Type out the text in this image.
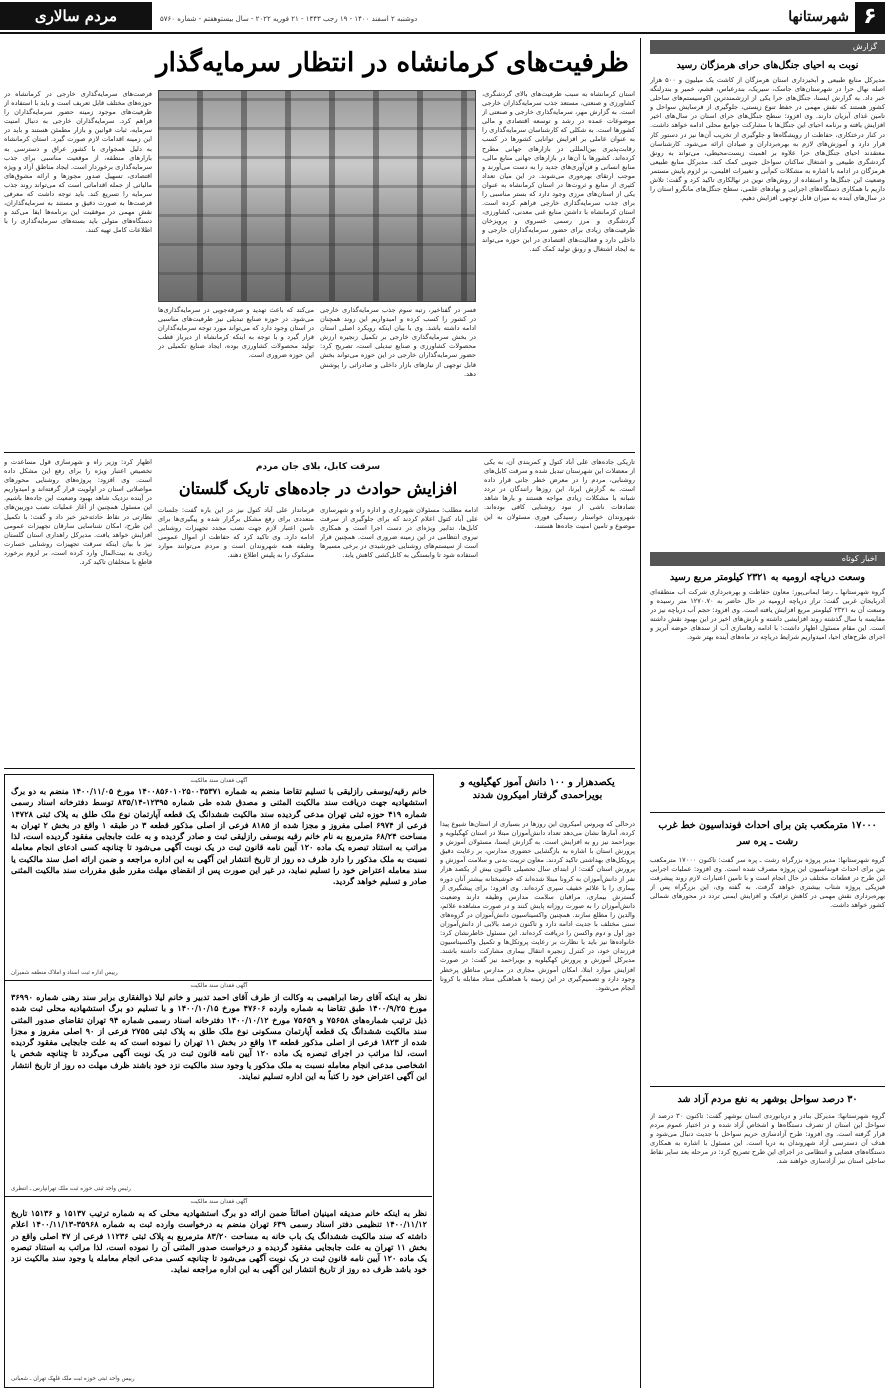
۶
شهرستانها
دوشنبه ۲ اسفند ۱۴۰۰ - ۱۹ رجب ۱۴۴۳ - ۲۱ فوریه ۲۰۲۲ - سال بیستوهفتم - شماره ۵۷۶۰
مردم سالاری
گزارش
نوبت به احیای جنگل‌های حرای هرمزگان رسید
مدیرکل منابع طبیعی و آبخیزداری استان هرمزگان از کاشت یک میلیون و ۵۰۰ هزار اصله نهال حرا در شهرستان‌های جاسک، سیریک، بندرعباس، قشم، خمیر و بندرلنگه خبر داد. به گزارش ایسنا، جنگل‌های حرا یکی از ارزشمندترین اکوسیستم‌های ساحلی کشور هستند که نقش مهمی در حفظ تنوع زیستی، جلوگیری از فرسایش سواحل و تامین غذای آبزیان دارند. وی افزود: سطح جنگل‌های حرای استان در سال‌های اخیر افزایش یافته و برنامه احیای این جنگل‌ها با مشارکت جوامع محلی ادامه خواهد داشت. در کنار درختکاری، حفاظت از رویشگاه‌ها و جلوگیری از تخریب آن‌ها نیز در دستور کار قرار دارد و آموزش‌های لازم به بهره‌برداران و صیادان ارائه می‌شود. کارشناسان معتقدند احیای جنگل‌های حرا علاوه بر اهمیت زیست‌محیطی، می‌تواند به رونق گردشگری طبیعی و اشتغال ساکنان سواحل جنوبی کمک کند. مدیرکل منابع طبیعی هرمزگان در ادامه با اشاره به مشکلات کم‌آبی و تغییرات اقلیمی، بر لزوم پایش مستمر وضعیت این جنگل‌ها و استفاده از روش‌های نوین در نهالکاری تاکید کرد و گفت: تلاش داریم با همکاری دستگاه‌های اجرایی و نهادهای علمی، سطح جنگل‌های مانگرو استان را در سال‌های آینده به میزان قابل توجهی افزایش دهیم.
اخبار کوتاه
وسعت دریاچه ارومیه به ۲۳۲۱ کیلومتر مربع رسید
گروه شهرستانها ـ رضا ایمانی‌پور: معاون حفاظت و بهره‌برداری شرکت آب منطقه‌ای آذربایجان غربی گفت: تراز دریاچه ارومیه در حال حاضر به ۱۲۷۰.۷۰ متر رسیده و وسعت آن به ۲۳۲۱ کیلومتر مربع افزایش یافته است. وی افزود: حجم آب دریاچه نیز در مقایسه با سال گذشته روند افزایشی داشته و بارش‌های اخیر در این بهبود نقش داشته است. این مقام مسئول اظهار داشت: با ادامه رهاسازی آب از سدهای حوضه آبریز و اجرای طرح‌های احیا، امیدواریم شرایط دریاچه در ماه‌های آینده بهتر شود.
۱۷۰۰۰ مترمکعب بتن برای احداث فونداسیون خط غرب رشت ـ پره سر
گروه شهرستانها: مدیر پروژه بزرگراه رشت ـ پره سر گفت: تاکنون ۱۷۰۰۰ مترمکعب بتن برای احداث فونداسیون این پروژه مصرف شده است. وی افزود: عملیات اجرایی این طرح در قطعات مختلف در حال انجام است و با تامین اعتبارات لازم روند پیشرفت فیزیکی پروژه شتاب بیشتری خواهد گرفت. به گفته وی، این بزرگراه پس از بهره‌برداری نقش مهمی در کاهش ترافیک و افزایش ایمنی تردد در محورهای شمالی کشور خواهد داشت.
۳۰ درصد سواحل بوشهر به نفع مردم آزاد شد
گروه شهرستانها: مدیرکل بنادر و دریانوردی استان بوشهر گفت: تاکنون ۳۰ درصد از سواحل این استان از تصرف دستگاه‌ها و اشخاص آزاد شده و در اختیار عموم مردم قرار گرفته است. وی افزود: طرح آزادسازی حریم سواحل با جدیت دنبال می‌شود و هدف آن دسترسی آزاد شهروندان به دریا است. این مسئول با اشاره به همکاری دستگاه‌های قضایی و انتظامی در اجرای این طرح تصریح کرد: در مرحله بعد سایر نقاط ساحلی استان نیز آزادسازی خواهند شد.
ظرفیت‌های کرمانشاه در انتظار سرمایه‌گذار
استان کرمانشاه به سبب ظرفیت‌های بالای گردشگری، کشاورزی و صنعتی، مستعد جذب سرمایه‌گذاران خارجی است. به گزارش مهر، سرمایه‌گذاری خارجی و صنعتی از موضوعات عمده در رشد و توسعه اقتصادی و مالی کشورها است. به شکلی که کارشناسان سرمایه‌گذاری را به عنوان عاملی بر افزایش توانایی کشورها در کسب رقابت‌پذیری بین‌المللی در بازارهای جهانی مطرح کرده‌اند. کشورها با آن‌ها در بازارهای جهانی منابع مالی، منابع انسانی و فن‌آوری‌های جدید را به دست می‌آورند و موجب ارتقای بهره‌وری می‌شوند. در این میان تعداد کثیری از منابع و ثروت‌ها در استان کرمانشاه به عنوان یکی از استان‌های مرزی وجود دارد که بستر مناسبی را برای جذب سرمایه‌گذاری خارجی فراهم کرده است. استان کرمانشاه با داشتن منابع غنی معدنی، کشاورزی، گردشگری و مرز رسمی خسروی و پرویزخان ظرفیت‌های زیادی برای حضور سرمایه‌گذاران خارجی و داخلی دارد و فعالیت‌های اقتصادی در این حوزه می‌تواند به ایجاد اشتغال و رونق تولید کمک کند.
فسر در گفتاخیر، رتبه سوم جذب سرمایه‌گذاری خارجی در کشور را کسب کرده و امیدواریم این روند همچنان ادامه داشته باشد. وی با بیان اینکه رویکرد اصلی استان در بخش سرمایه‌گذاری خارجی بر تکمیل زنجیره ارزش محصولات کشاورزی و صنایع تبدیلی است، تصریح کرد: حضور سرمایه‌گذاران خارجی در این حوزه می‌تواند بخش قابل توجهی از نیازهای بازار داخلی و صادراتی را پوشش دهد.
می‌کند که باعث تهدید و صرفه‌جویی در سرمایه‌گذاری‌ها می‌شود. در حوزه صنایع تبدیلی نیز ظرفیت‌های مناسبی در استان وجود دارد که می‌تواند مورد توجه سرمایه‌گذاران قرار گیرد و با توجه به اینکه کرمانشاه از دیرباز قطب تولید محصولات کشاورزی بوده، ایجاد صنایع تکمیلی در این حوزه ضروری است.
فرصت‌های سرمایه‌گذاری خارجی در کرمانشاه در حوزه‌های مختلف قابل تعریف است و باید با استفاده از ظرفیت‌های موجود زمینه حضور سرمایه‌گذاران را فراهم کرد. سرمایه‌گذاران خارجی به دنبال امنیت سرمایه، ثبات قوانین و بازار مطمئن هستند و باید در این زمینه اقدامات لازم صورت گیرد. استان کرمانشاه به دلیل همجواری با کشور عراق و دسترسی به بازارهای منطقه، از موقعیت مناسبی برای جذب سرمایه‌گذاری برخوردار است. ایجاد مناطق آزاد و ویژه اقتصادی، تسهیل صدور مجوزها و ارائه مشوق‌های مالیاتی از جمله اقداماتی است که می‌تواند روند جذب سرمایه را تسریع کند. باید توجه داشت که معرفی فرصت‌ها به صورت دقیق و مستند به سرمایه‌گذاران، نقش مهمی در موفقیت این برنامه‌ها ایفا می‌کند و دستگاه‌های متولی باید بسته‌های سرمایه‌گذاری را با اطلاعات کامل تهیه کنند.
تاریکی جاده‌های علی آباد کتول و کمربندی آن، به یکی از معضلات این شهرستان تبدیل شده و سرقت کابل‌های روشنایی، مردم را در معرض خطر جانی قرار داده است. به گزارش ایرنا، این روزها رانندگان در تردد شبانه با مشکلات زیادی مواجه هستند و بارها شاهد تصادفات ناشی از نبود روشنایی کافی بوده‌اند. شهروندان خواستار رسیدگی فوری مسئولان به این موضوع و تامین امنیت جاده‌ها هستند.
سرقت کابل، بلای جان مردم
افزایش حوادث در جاده‌های تاریک گلستان
ادامه مطلب: مسئولان شهرداری و اداره راه و شهرسازی علی آباد کتول اعلام کردند که برای جلوگیری از سرقت کابل‌ها، تدابیر ویژه‌ای در دست اجرا است و همکاری نیروی انتظامی در این زمینه ضروری است. همچنین قرار است از سیستم‌های روشنایی خورشیدی در برخی مسیرها استفاده شود تا وابستگی به کابل‌کشی کاهش یابد.
فرماندار علی آباد کتول نیز در این باره گفت: جلسات متعددی برای رفع مشکل برگزار شده و پیگیری‌ها برای تامین اعتبار لازم جهت نصب مجدد تجهیزات روشنایی ادامه دارد. وی تاکید کرد که حفاظت از اموال عمومی وظیفه همه شهروندان است و مردم می‌توانند موارد مشکوک را به پلیس اطلاع دهند.
اظهار کرد: وزیر راه و شهرسازی قول مساعدت و تخصیص اعتبار ویژه را برای رفع این مشکل داده است. وی افزود: پروژه‌های روشنایی محورهای مواصلاتی استان در اولویت قرار گرفته‌اند و امیدواریم در آینده نزدیک شاهد بهبود وضعیت این جاده‌ها باشیم. این مسئول همچنین از آغاز عملیات نصب دوربین‌های نظارتی در نقاط حادثه‌خیز خبر داد و گفت: با تکمیل این طرح، امکان شناسایی سارقان تجهیزات عمومی افزایش خواهد یافت. مدیرکل راهداری استان گلستان نیز با بیان اینکه سرقت تجهیزات روشنایی خسارت زیادی به بیت‌المال وارد کرده است، بر لزوم برخورد قاطع با متخلفان تاکید کرد.
یکصدهزار و ۱۰۰ دانش آموز کهگیلویه و بویراحمدی گرفتار امیکرون شدند
درحالی که ویروس امیکرون این روزها در بسیاری از استان‌ها شیوع پیدا کرده، آمارها نشان می‌دهد تعداد دانش‌آموزان مبتلا در استان کهگیلویه و بویراحمد نیز رو به افزایش است. به گزارش ایسنا، مسئولان آموزش و پرورش استان با اشاره به بازگشایی حضوری مدارس، بر رعایت دقیق پروتکل‌های بهداشتی تاکید کردند. معاون تربیت بدنی و سلامت آموزش و پرورش استان گفت: از ابتدای سال تحصیلی تاکنون بیش از یکصد هزار نفر از دانش‌آموزان به کرونا مبتلا شده‌اند که خوشبختانه بیشتر آنان دوره بیماری را با علائم خفیف سپری کرده‌اند. وی افزود: برای پیشگیری از گسترش بیماری، مراقبان سلامت مدارس وظیفه دارند وضعیت دانش‌آموزان را به صورت روزانه پایش کنند و در صورت مشاهده علائم، والدین را مطلع سازند. همچنین واکسیناسیون دانش‌آموزان در گروه‌های سنی مختلف با جدیت ادامه دارد و تاکنون درصد بالایی از دانش‌آموزان دوز اول و دوم واکسن را دریافت کرده‌اند. این مسئول خاطرنشان کرد: خانواده‌ها نیز باید با نظارت بر رعایت پروتکل‌ها و تکمیل واکسیناسیون فرزندان خود، در کنترل زنجیره انتقال بیماری مشارکت داشته باشند. مدیرکل آموزش و پرورش کهگیلویه و بویراحمد نیز گفت: در صورت افزایش موارد ابتلا، امکان آموزش مجازی در مدارس مناطق پرخطر وجود دارد و تصمیم‌گیری در این زمینه با هماهنگی ستاد مقابله با کرونا انجام می‌شود.
آگهی فقدان سند مالکیت
خانم رقیه/یوسفی رازلیقی با تسلیم تقاضا منضم به شماره ۱۴۰۰۸۵۶۰۱۰۲۵۰۰۳۵۳۷۱ مورخ ۱۴۰۰/۱۱/۰۵ منضم به دو برگ استشهادیه جهت دریافت سند مالکیت المثنی و مصدق شده طی شماره ۱۲۳۹۵-۸۳۵/۱۴ توسط دفترخانه اسناد رسمی شماره ۴۱۹ حوزه ثبتی تهران مدعی گردیده سند مالکیت ششدانگ یک قطعه آپارتمان نوع ملک طلق به پلاک ثبتی ۱۴۷۲۸ فرعی از ۶۹۷۴ اصلی مفروز و مجزا شده از ۸۱۸۵ فرعی از اصلی مذکور قطعه ۳ در طبقه ۱ واقع در بخش ۲ تهران به مساحت ۶۸/۲۴ مترمربع به نام خانم رقیه یوسفی رازلیقی ثبت و صادر گردیده و به علت جابجایی مفقود گردیده است، لذا مراتب به استناد تبصره یک ماده ۱۲۰ آیین نامه قانون ثبت در یک نوبت آگهی می‌شود تا چنانچه کسی ادعای انجام معامله نسبت به ملک مذکور را دارد ظرف ده روز از تاریخ انتشار این آگهی به این اداره مراجعه و ضمن ارائه اصل سند مالکیت یا سند معامله اعتراض خود را تسلیم نماید، در غیر این صورت پس از انقضای مهلت مقرر طبق مقررات سند مالکیت المثنی صادر و تسلیم خواهد گردید.
رییس اداره ثبت اسناد و املاک منطقه شمیران
آگهی فقدان سند مالکیت
نظر به اینکه آقای رضا ابراهیمی به وکالت از طرف آقای احمد تدبیر و خانم لیلا ذوالفقاری برابر سند رهنی شماره ۳۶۹۹۰ مورخ ۱۴۰۰/۹/۲۵ طبق تقاضا به شماره وارده ۴۷۶۰۶ مورخ ۱۴۰۰/۱۰/۱۵ و با تسلیم دو برگ استشهادیه محلی ثبت شده ذیل ترتیب شماره‌های ۷۵۶۵۸ و ۷۵۶۵۹ مورخ ۱۴۰۰/۱۰/۱۲ دفترخانه اسناد رسمی شماره ۹۴ تهران تقاضای صدور المثنی سند مالکیت ششدانگ یک قطعه آپارتمان مسکونی نوع ملک طلق به پلاک ثبتی ۲۷۵۵ فرعی از ۹۰ اصلی مفروز و مجزا شده از ۱۸۲۳ فرعی از اصلی مذکور قطعه ۱۳ واقع در بخش ۱۱ تهران را نموده است که به علت جابجایی مفقود گردیده است، لذا مراتب در اجرای تبصره یک ماده ۱۲۰ آیین نامه قانون ثبت در یک نوبت آگهی می‌گردد تا چنانچه شخص یا اشخاصی مدعی انجام معامله نسبت به ملک مذکور یا وجود سند مالکیت نزد خود باشند ظرف مهلت ده روز از تاریخ انتشار این آگهی اعتراض خود را کتباً به این اداره تسلیم نمایند.
رئیس واحد ثبتی حوزه ثبت ملک تهرانپارس ـ انتظری
آگهی فقدان سند مالکیت
نظر به اینکه خانم صدیقه امینیان اصالتاً ضمن ارائه دو برگ استشهادیه محلی که به شماره ترتیب ۱۵۱۳۷ و ۱۵۱۳۶ تاریخ ۱۴۰۰/۱۱/۱۲ تنظیمی دفتر اسناد رسمی ۶۳۹ تهران منضم به درخواست وارده ثبت به شماره ۳۵۹۶۸-۱۴۰۰/۱۱/۱۳ اعلام داشته که سند مالکیت ششدانگ یک باب خانه به مساحت ۸۳/۲۰ مترمربع به پلاک ثبتی ۱۱۲۳۶ فرعی از ۴۷ اصلی واقع در بخش ۱۱ تهران به علت جابجایی مفقود گردیده و درخواست صدور المثنی آن را نموده است، لذا مراتب به استناد تبصره یک ماده ۱۲۰ آیین نامه قانون ثبت در یک نوبت آگهی می‌شود تا چنانچه کسی مدعی انجام معامله یا وجود سند مالکیت نزد خود باشد ظرف ده روز از تاریخ انتشار این آگهی به این اداره مراجعه نماید.
رییس واحد ثبتی حوزه ثبت ملک قلهک تهران ـ شعبانی
